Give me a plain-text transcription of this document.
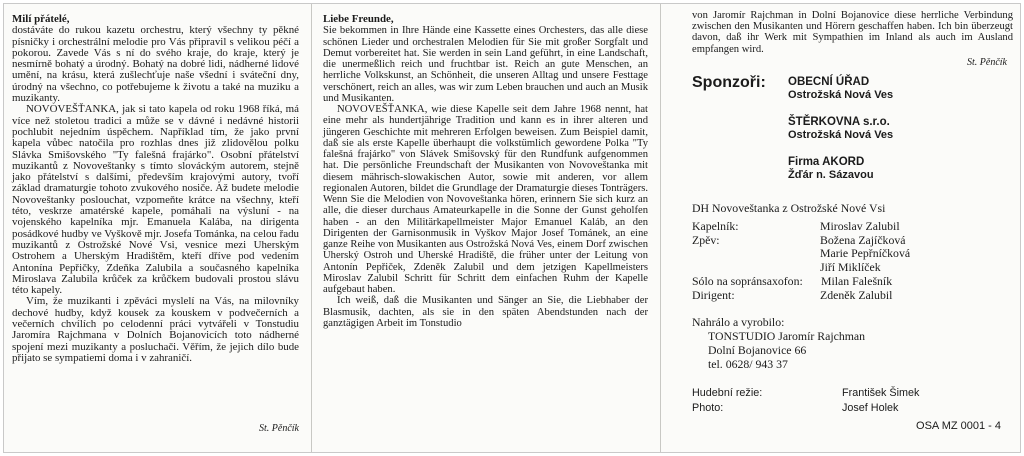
Milí přátelé,

dostáváte do rukou kazetu orchestru, který všechny ty pěkné písničky i orchestrální melodie pro Vás připravil s velikou péčí a pokorou. Zavede Vás s ní do svého kraje, do kraje, který je nesmírně bohatý a úrodný. Bohatý na dobré lidi, nádherné lidové umění, na krásu, která zušlechťuje naše všední i sváteční dny, úrodný na všechno, co potřebujeme k životu a také na muziku a muzikanty.

NOVOVEŠŤANKA, jak si tato kapela od roku 1968 říká, má více než stoletou tradici a může se v dávné i nedávné historii pochlubit nejedním úspěchem. Například tím, že jako první kapela vůbec natočila pro rozhlas dnes již zlidovělou polku Slávka Smišovského "Ty falešná frajárko". Osobní přátelství muzikantů z Novoveštanky s tímto slováckým autorem, stejně jako přátelství s dalšími, především krajovými autory, tvoří základ dramaturgie tohoto zvukového nosiče. Až budete melodie Novoveštanky poslouchat, vzpomeňte krátce na všechny, kteří této, veskrze amatérské kapele, pomáhali na výsluní - na vojenského kapelníka mjr. Emanuela Kalába, na dirigenta posádkové hudby ve Vyškově mjr. Josefa Tománka, na celou řadu muzikantů z Ostrožské Nové Vsi, vesnice mezi Uherským Ostrohem a Uherským Hradištěm, kteří dříve pod vedením Antonína Pepřičky, Zdeňka Zalubila a současného kapelníka Miroslava Zalubila krůček za krůčkem budovali prostou slávu této kapely.

Vím, že muzikanti i zpěváci myslelí na Vás, na milovníky dechové hudby, když kousek za kouskem v podvečerních a večerních chvílích po celodenní práci vytvářeli v Tonstudiu Jaromíra Rajchmana v Dolních Bojanovicích toto nádherné spojení mezi muzikanty a posluchači. Věřím, že jejich dílo bude přijato se sympatiemi doma i v zahraničí.

St. Pěnčík

Liebe Freunde,

Sie bekommen in Ihre Hände eine Kassette eines Orchesters, das alle diese schönen Lieder und orchestralen Melodien für Sie mit großer Sorgfalt und Demut vorbereitet hat. Sie werden in sein Land geführt, in eine Landschaft, die unermeßlich reich und fruchtbar ist. Reich an gute Menschen, an herrliche Volkskunst, an Schönheit, die unseren Alltag und unsere Festtage verschönert, reich an alles, was wir zum Leben brauchen und auch an Musik und Musikanten.

NOVOVEŠŤANKA, wie diese Kapelle seit dem Jahre 1968 nennt, hat eine mehr als hundertjährige Tradition und kann es in ihrer alteren und jüngeren Geschichte mit mehreren Erfolgen beweisen. Zum Beispiel damit, daß sie als erste Kapelle überhaupt die volkstümlich gewordene Polka "Ty falešná frajárko" von Slávek Smišovský für den Rundfunk aufgenommen hat. Die persönliche Freundschaft der Musikanten von Novoveštanka mit diesem mährisch-slowakischen Autor, sowie mit anderen, vor allem regionalen Autoren, bildet die Grundlage der Dramaturgie dieses Tonträgers. Wenn Sie die Melodien von Novoveštanka hören, erinnern Sie sich kurz an alle, die dieser durchaus Amateurkapelle in die Sonne der Gunst geholfen haben - an den Militärkapellmeister Major Emanuel Kaláb, an den Dirigenten der Garnisonmusik in Vyškov Major Josef Tománek, an eine ganze Reihe von Musikanten aus Ostrožská Nová Ves, einem Dorf zwischen Uherský Ostroh und Uherské Hradiště, die früher unter der Leitung von Antonín Pepřiček, Zdeněk Zalubil und dem jetzigen Kapellmeisters Miroslav Zalubil Schritt für Schritt dem einfachen Ruhm der Kapelle aufgebaut haben.

Ich weiß, daß die Musikanten und Sänger an Sie, die Liebhaber der Blasmusik, dachten, als sie in den späten Abendstunden nach der ganztägigen Arbeit im Tonstudio

von Jaromír Rajchman in Dolní Bojanovice diese herrliche Verbindung zwischen den Musikanten und Hörern geschaffen haben. Ich bin überzeugt davon, daß ihr Werk mit Sympathien im Inland als auch im Ausland empfangen wird.

St. Pěnčík

Sponzoři: OBECNÍ ÚŘAD
Ostrožská Nová Ves
ŠTĚRKOVNA s.r.o.
Ostrožská Nová Ves
Firma AKORD
Žďár n. Sázavou
DH Novoveštanka z Ostrožské Nové Vsi
Kapelník:	Miroslav Zalubil
Zpěv:	Božena Zajíčková
Marie Pepřníčková
Jiří Miklíček
Sólo na sopránsaxofon: Milan Falešník
Dirigent:	Zdeněk Zalubil
Nahrálo a vyrobilo:
TONSTUDIO Jaromír Rajchman
Dolní Bojanovice 66
tel. 0628/ 943 37
Hudební režie:	František Šimek
Photo:	Josef Holek
OSA MZ 0001 - 4
